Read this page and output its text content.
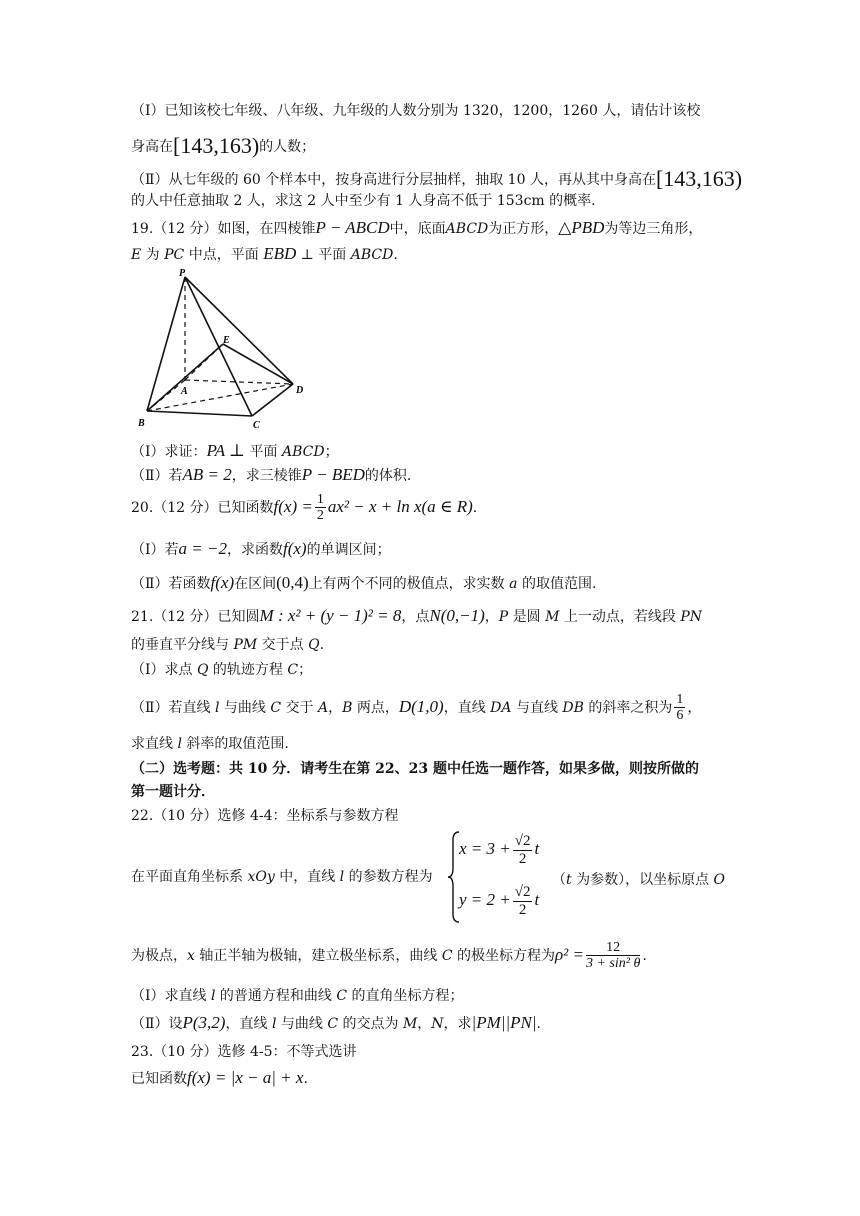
（Ⅰ）已知该校七年级、八年级、九年级的人数分别为 1320，1200，1260 人，请估计该校
身高在[143,163)的人数；
（Ⅱ）从七年级的 60 个样本中，按身高进行分层抽样，抽取 10 人，再从其中身高在[143,163)
的人中任意抽取 2 人，求这 2 人中至少有 1 人身高不低于 153cm 的概率.
19.（12 分）如图，在四棱锥P − ABCD中，底面ABCD为正方形，△PBD为等边三角形，
E 为 PC 中点，平面 EBD ⊥ 平面 ABCD.
P
E
A
B	C
D
（Ⅰ）求证：PA ⊥ 平面 ABCD；
（Ⅱ）若AB = 2，求三棱锥P − BED的体积.
20.（12 分）已知函数$f(x) = \frac{1}{2} ax^2 - x + \ln x(a$ ∈ R).
（Ⅰ）若a = −2，求函数f(x)的单调区间；
（Ⅱ）若函数f(x)在区间(0,4)上有两个不同的极值点，求实数 a 的取值范围.
21.（12 分）已知圆M : x² + (y − 1)² = 8，点N(0,−1)，P 是圆 M 上一动点，若线段 PN
的垂直平分线与 PM 交于点 Q.
（Ⅰ）求点 Q 的轨迹方程 C；
（Ⅱ）若直线 l 与曲线 C 交于 A，B 两点，D(1,0)，直线 DA 与直线 DB 的斜率之积为 $\frac{1}{6}$ ，
求直线 l 斜率的取值范围.
（二）选考题：共 10 分．请考生在第 22、23 题中任选一题作答，如果多做，则按所做的
第一题计分．
22.（10 分）选修 4-4：坐标系与参数方程
在平面直角坐标系 xOy 中，直线 l 的参数方程为
$x = 3 + \frac{√2}{2}$ t
$y = 2 + \frac{√2}{2}$ t
（t 为参数），以坐标原点 O
为极点，x 轴正半轴为极轴，建立极坐标系，曲线 C 的极坐标方程为$\rho^2 = \frac{12}{\text{3 + sin² θ}}$ .
（Ⅰ）求直线 l 的普通方程和曲线 C 的直角坐标方程；
（Ⅱ）设P(3,2)，直线 l 与曲线 C 的交点为 M，N，求|PM||PN|.
23.（10 分）选修 4-5：不等式选讲
已知函数f(x) = |x − a| + x.
